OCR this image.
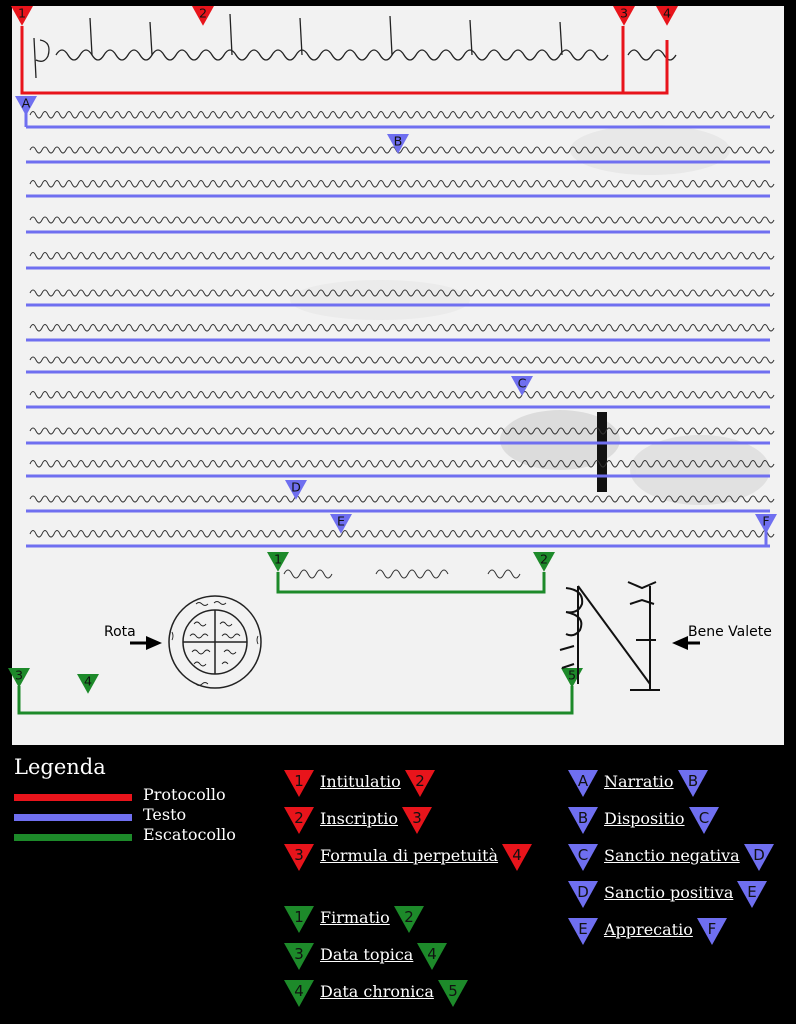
1	2	3	4
A
B
C
D
E	F
1	2
3	4	5
Rota	Bene Valete
Legenda
Protocollo
Testo
Escatocollo
1 Intitulatio 2
2 Inscriptio 3
3 Formula di perpetuità 4
1 Firmatio 2
3 Data topica 4
4 Data chronica 5
A Narratio B
B Dispositio C
C Sanctio negativa D
D Sanctio positiva E
E Apprecatio F
